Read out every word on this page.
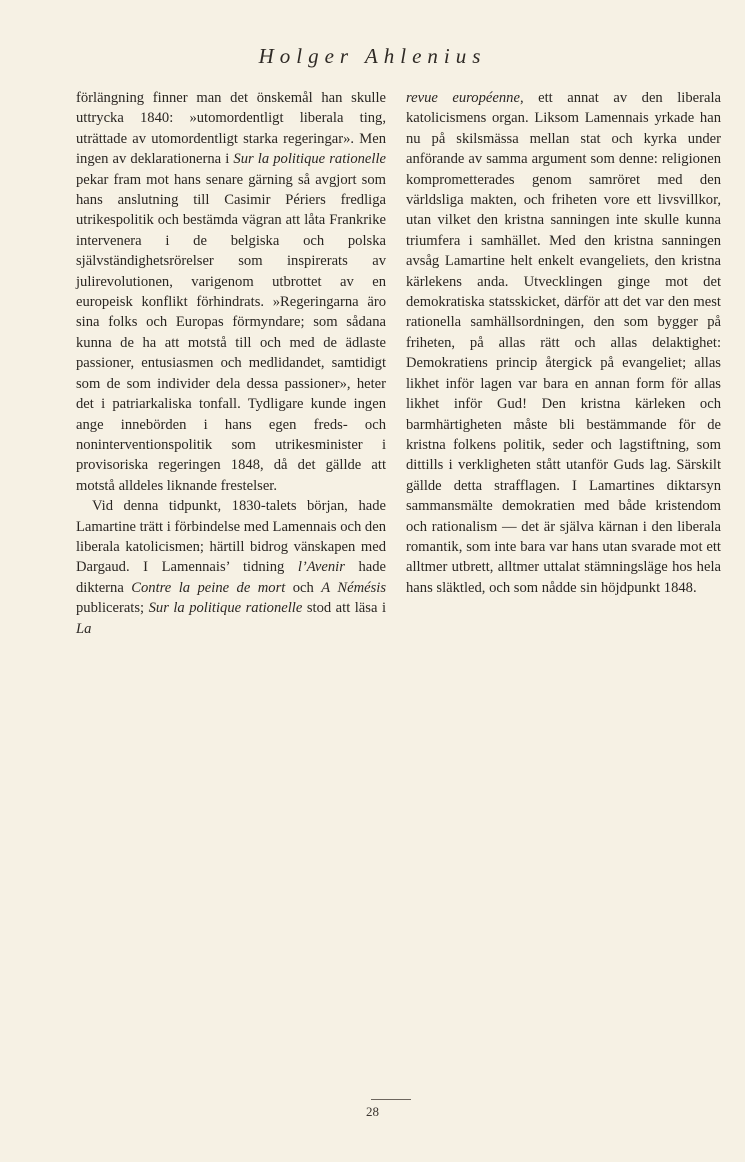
Holger Ahlenius

förlängning finner man det önskemål han skulle uttrycka 1840: »utomordentligt liberala ting, uträttade av utomordentligt starka regeringar». Men ingen av deklarationerna i Sur la politique rationelle pekar fram mot hans senare gärning så avgjort som hans anslutning till Casimir Périers fredliga utrikespolitik och bestämda vägran att låta Frankrike intervenera i de belgiska och polska självständighetsrörelser som inspirerats av julirevolutionen, varigenom utbrottet av en europeisk konflikt förhindrats. »Regeringarna äro sina folks och Europas förmyndare; som sådana kunna de ha att motstå till och med de ädlaste passioner, entusiasmen och medlidandet, samtidigt som de som individer dela dessa passioner», heter det i patriarkaliska tonfall. Tydligare kunde ingen ange innebörden i hans egen freds- och noninterventionspolitik som utrikesminister i provisoriska regeringen 1848, då det gällde att motstå alldeles liknande frestelser.

Vid denna tidpunkt, 1830-talets början, hade Lamartine trätt i förbindelse med Lamennais och den liberala katolicismen; härtill bidrog vänskapen med Dargaud. I Lamennais’ tidning l’Avenir hade dikterna Contre la peine de mort och A Némésis publicerats; Sur la politique rationelle stod att läsa i La

revue européenne, ett annat av den liberala katolicismens organ. Liksom Lamennais yrkade han nu på skilsmässa mellan stat och kyrka under anförande av samma argument som denne: religionen komprometterades genom samröret med den världsliga makten, och friheten vore ett livsvillkor, utan vilket den kristna sanningen inte skulle kunna triumfera i samhället. Med den kristna sanningen avsåg Lamartine helt enkelt evangeliets, den kristna kärlekens anda. Utvecklingen ginge mot det demokratiska statsskicket, därför att det var den mest rationella samhällsordningen, den som bygger på friheten, på allas rätt och allas delaktighet: Demokratiens princip återgick på evangeliet; allas likhet inför lagen var bara en annan form för allas likhet inför Gud! Den kristna kärleken och barmhärtigheten måste bli bestämmande för de kristna folkens politik, seder och lagstiftning, som dittills i verkligheten stått utanför Guds lag. Särskilt gällde detta strafflagen. I Lamartines diktarsyn sammansmälte demokratien med både kristendom och rationalism — det är själva kärnan i den liberala romantik, som inte bara var hans utan svarade mot ett alltmer utbrett, alltmer uttalat stämningsläge hos hela hans släktled, och som nådde sin höjdpunkt 1848.

28
